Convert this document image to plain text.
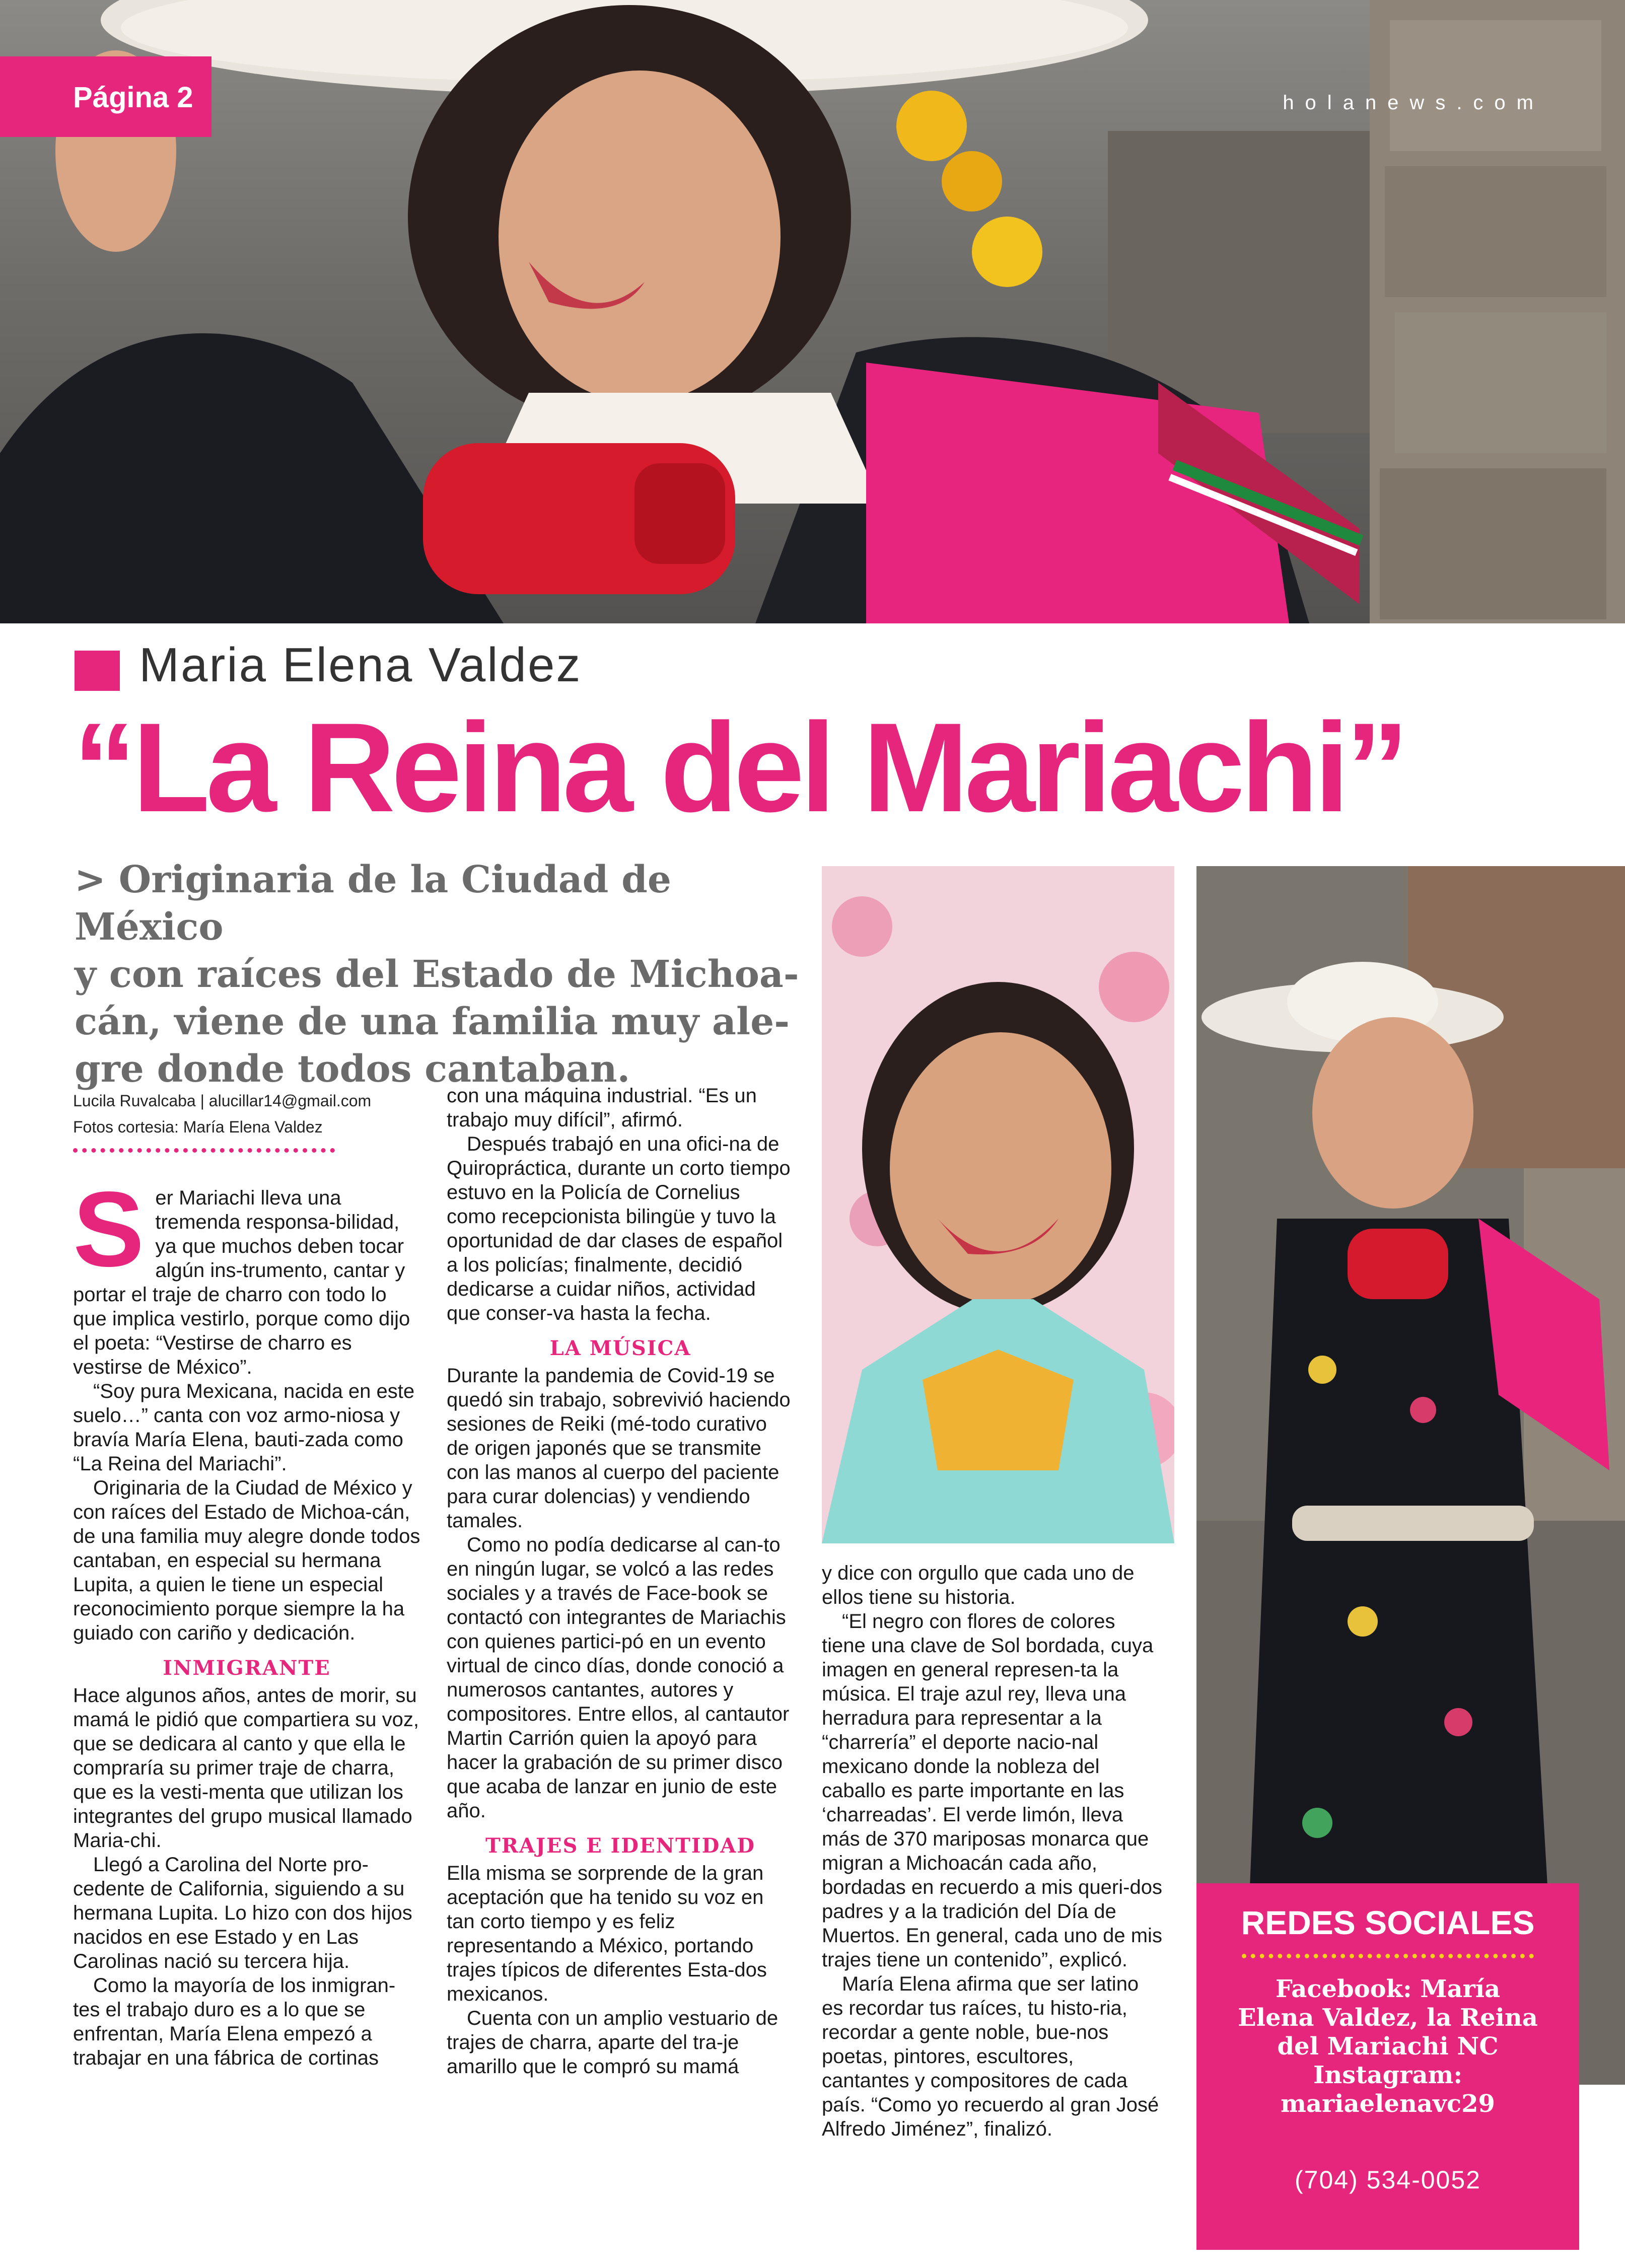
Página 2	holanews.com
Maria Elena Valdez
“La Reina del Mariachi”

> Originaria de la Ciudad de México

y con raíces del Estado de Michoa-

cán, viene de una familia muy ale-

gre donde todos cantaban.

Lucila Ruvalcaba | alucillar14@gmail.com
Fotos cortesia: María Elena Valdez
S er Mariachi lleva una tremenda responsa-bilidad, ya que muchos deben tocar algún ins-trumento, cantar y portar el traje de charro con todo lo que implica vestirlo, porque como dijo el poeta: “Vestirse de charro es vestirse de México”.

“Soy pura Mexicana, nacida en este suelo…” canta con voz armo-niosa y bravía María Elena, bauti-zada como “La Reina del Mariachi”.

Originaria de la Ciudad de México y con raíces del Estado de Michoa-cán, de una familia muy alegre donde todos cantaban, en especial su hermana Lupita, a quien le tiene un especial reconocimiento porque siempre la ha guiado con cariño y dedicación.

INMIGRANTE

Hace algunos años, antes de morir, su mamá le pidió que compartiera su voz, que se dedicara al canto y que ella le compraría su primer traje de charra, que es la vesti-menta que utilizan los integrantes del grupo musical llamado Maria-chi.

Llegó a Carolina del Norte pro-cedente de California, siguiendo a su hermana Lupita. Lo hizo con dos hijos nacidos en ese Estado y en Las Carolinas nació su tercera hija.

Como la mayoría de los inmigran-tes el trabajo duro es a lo que se enfrentan, María Elena empezó a trabajar en una fábrica de cortinas

con una máquina industrial. “Es un trabajo muy difícil”, afirmó.

Después trabajó en una ofici-na de Quiropráctica, durante un corto tiempo estuvo en la Policía de Cornelius como recepcionista bilingüe y tuvo la oportunidad de dar clases de español a los policías; finalmente, decidió dedicarse a cuidar niños, actividad que conser-va hasta la fecha.

LA MÚSICA

Durante la pandemia de Covid-19 se quedó sin trabajo, sobrevivió haciendo sesiones de Reiki (mé-todo curativo de origen japonés que se transmite con las manos al cuerpo del paciente para curar dolencias) y vendiendo tamales.

Como no podía dedicarse al can-to en ningún lugar, se volcó a las redes sociales y a través de Face-book se contactó con integrantes de Mariachis con quienes partici-pó en un evento virtual de cinco días, donde conoció a numerosos cantantes, autores y compositores. Entre ellos, al cantautor Martin Carrión quien la apoyó para hacer la grabación de su primer disco que acaba de lanzar en junio de este año.

TRAJES E IDENTIDAD

Ella misma se sorprende de la gran aceptación que ha tenido su voz en tan corto tiempo y es feliz representando a México, portando trajes típicos de diferentes Esta-dos mexicanos.

Cuenta con un amplio vestuario de trajes de charra, aparte del tra-je amarillo que le compró su mamá

y dice con orgullo que cada uno de ellos tiene su historia.

“El negro con flores de colores tiene una clave de Sol bordada, cuya imagen en general represen-ta la música. El traje azul rey, lleva una herradura para representar a la “charrería” el deporte nacio-nal mexicano donde la nobleza del caballo es parte importante en las ‘charreadas’. El verde limón, lleva más de 370 mariposas monarca que migran a Michoacán cada año, bordadas en recuerdo a mis queri-dos padres y a la tradición del Día de Muertos. En general, cada uno de mis trajes tiene un contenido”, explicó.

María Elena afirma que ser latino es recordar tus raíces, tu histo-ria, recordar a gente noble, bue-nos poetas, pintores, escultores, cantantes y compositores de cada país. “Como yo recuerdo al gran José Alfredo Jiménez”, finalizó.

REDES SOCIALES
Facebook: María
Elena Valdez, la Reina
del Mariachi NC
Instagram:
mariaelenavc29
(704) 534-0052
